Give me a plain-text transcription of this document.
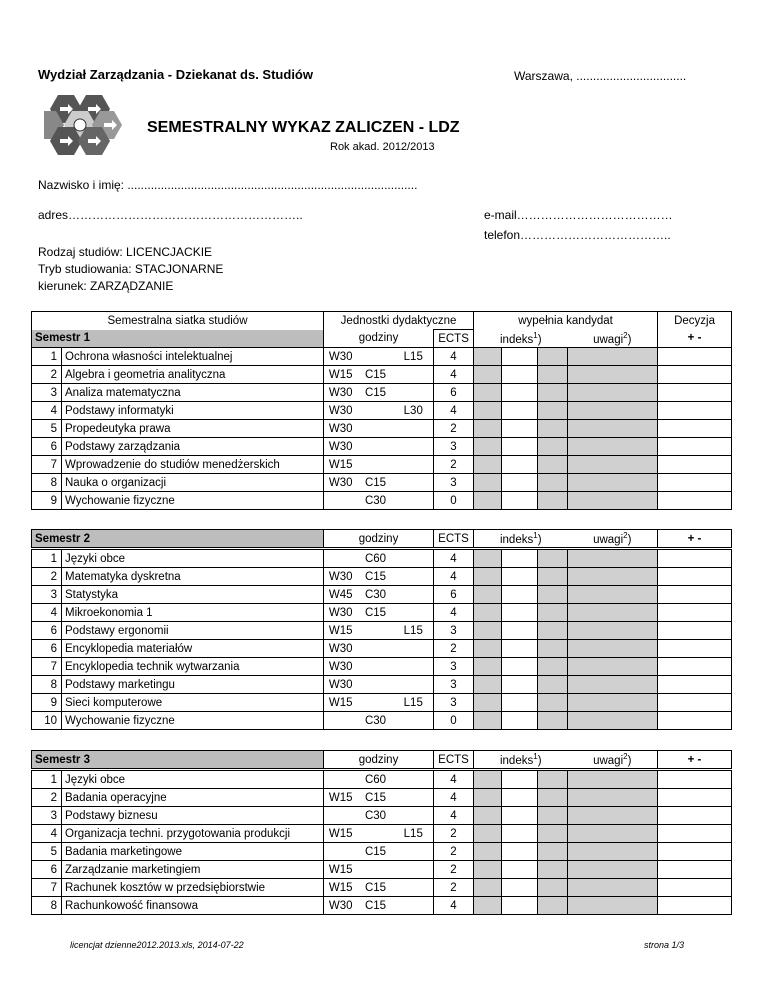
Wydział Zarządzania - Dziekanat ds. Studiów	Warszawa, .................................
SEMESTRALNY WYKAZ ZALICZEN - LDZ
Rok akad. 2012/2013
Nazwisko i imię: .......................................................................................
adres…………………………………………………..	e-mail…………………………………
telefon………………………………..
Rodzaj studiów: LICENCJACKIE
Tryb studiowania: STACJONARNE
kierunek: ZARZĄDZANIE
Semestralna siatka studiów	Jednostki dydaktyczne		wypełnia kandydat		Decyzja
Semestr 1	godziny	ECTS	indeks$^1$)	uwagi$^2$)	+ -
1	Ochrona własności intelektualnej	W30		L15	4					
2	Algebra i geometria analityczna	W15	C15		4					
3	Analiza matematyczna	W30	C15		6					
4	Podstawy informatyki	W30		L30	4					
5	Propedeutyka prawa	W30			2					
6	Podstawy zarządzania	W30			3					
7	Wprowadzenie do studiów menedżerskich	W15			2					
8	Nauka o organizacji	W30	C15		3					
9	Wychowanie fizyczne		C30		0					
Semestr 2	godziny	ECTS	indeks$^1$)	uwagi$^2$)	+ -
1	Języki obce		C60		4					
2	Matematyka dyskretna	W30	C15		4					
3	Statystyka	W45	C30		6					
4	Mikroekonomia 1	W30	C15		4					
6	Podstawy ergonomii	W15		L15	3					
6	Encyklopedia materiałów	W30			2					
7	Encyklopedia technik wytwarzania	W30			3					
8	Podstawy marketingu	W30			3					
9	Sieci komputerowe	W15		L15	3					
10	Wychowanie fizyczne		C30		0					
Semestr 3	godziny	ECTS	indeks$^1$)	uwagi$^2$)	+ -
1	Języki obce		C60		4					
2	Badania operacyjne	W15	C15		4					
3	Podstawy biznesu		C30		4					
4	Organizacja techni. przygotowania produkcji	W15		L15	2					
5	Badania marketingowe		C15		2					
6	Zarządzanie marketingiem	W15			2					
7	Rachunek kosztów w przedsiębiorstwie	W15	C15		2					
8	Rachunkowość finansowa	W30	C15		4					
licencjat dzienne2012.2013.xls, 2014-07-22	strona 1/3
